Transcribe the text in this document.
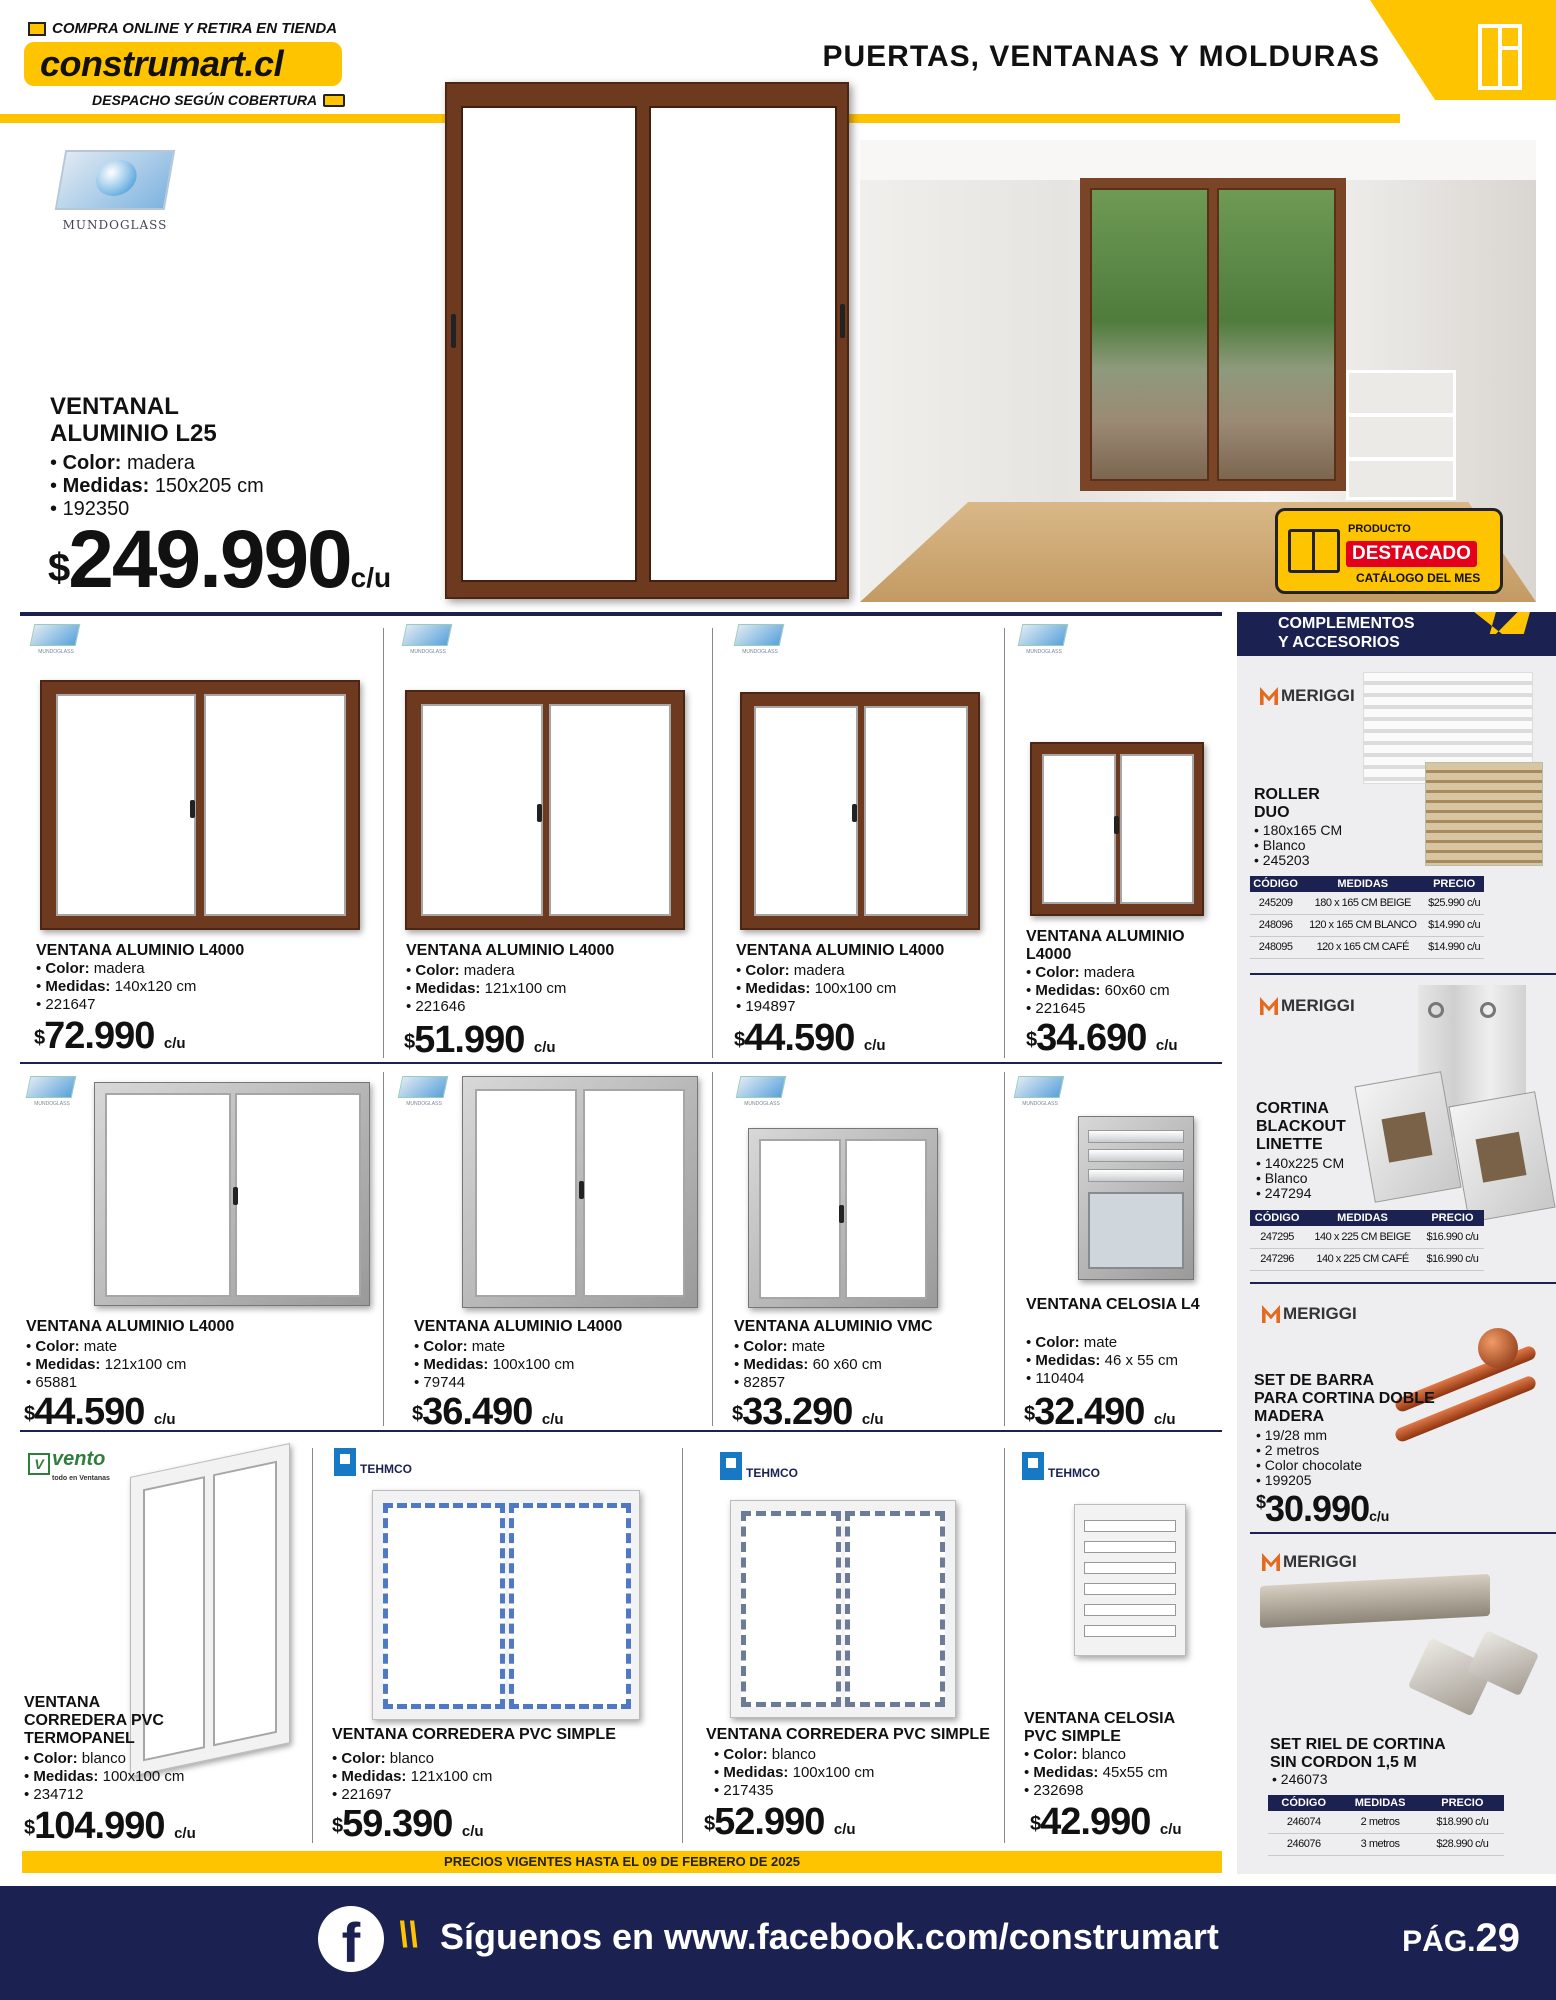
COMPRA ONLINE Y RETIRA EN TIENDA
construmart.cl
DESPACHO SEGÚN COBERTURA
PUERTAS, VENTANAS Y MOLDURAS
MUNDOGLASS
VENTANAL
ALUMINIO L25
• Color: madera
• Medidas: 150x205 cm
• 192350
$249.990c/u
PRODUCTO
DESTACADO
CATÁLOGO DEL MES
MUNDOGLASS
VENTANA ALUMINIO L4000
• Color: madera
• Medidas: 140x120 cm
• 221647
$72.990 c/u
MUNDOGLASS
VENTANA ALUMINIO L4000
• Color: madera
• Medidas: 121x100 cm
• 221646
$51.990 c/u
MUNDOGLASS
VENTANA ALUMINIO L4000
• Color: madera
• Medidas: 100x100 cm
• 194897
$44.590 c/u
MUNDOGLASS
VENTANA ALUMINIO L4000
• Color: madera
• Medidas: 60x60 cm
• 221645
$34.690 c/u
MUNDOGLASS
VENTANA ALUMINIO L4000
• Color: mate
• Medidas: 121x100 cm
• 65881
$44.590 c/u
MUNDOGLASS
VENTANA ALUMINIO L4000
• Color: mate
• Medidas: 100x100 cm
• 79744
$36.490 c/u
MUNDOGLASS
VENTANA ALUMINIO VMC
• Color: mate
• Medidas: 60 x60 cm
• 82857
$33.290 c/u
MUNDOGLASS
VENTANA CELOSIA L4
• Color: mate
• Medidas: 46 x 55 cm
• 110404
$32.490 c/u
V vento
todo en Ventanas
VENTANA CORREDERA PVC TERMOPANEL
• Color: blanco
• Medidas: 100x100 cm
• 234712
$104.990 c/u
TEHMCO
VENTANA CORREDERA PVC SIMPLE
• Color: blanco
• Medidas: 121x100 cm
• 221697
$59.390 c/u
TEHMCO
VENTANA CORREDERA PVC SIMPLE
• Color: blanco
• Medidas: 100x100 cm
• 217435
$52.990 c/u
TEHMCO
VENTANA CELOSIA PVC SIMPLE
• Color: blanco
• Medidas: 45x55 cm
• 232698
$42.990 c/u
PRECIOS VIGENTES HASTA EL 09 DE FEBRERO DE 2025
COMPLEMENTOS
Y ACCESORIOS
MERIGGI
ROLLER
DUO
• 180x165 CM
• Blanco
• 245203
CÓDIGO	MEDIDAS	PRECIO
245209	180 x 165 CM BEIGE	$25.990 c/u
248096	120 x 165 CM BLANCO	$14.990 c/u
248095	120 x 165 CM CAFÉ	$14.990 c/u
MERIGGI
CORTINA
BLACKOUT
LINETTE
• 140x225 CM
• Blanco
• 247294
CÓDIGO	MEDIDAS	PRECIO
247295	140 x 225 CM BEIGE	$16.990 c/u
247296	140 x 225 CM CAFÉ	$16.990 c/u
MERIGGI
SET DE BARRA
PARA CORTINA DOBLE
MADERA
• 19/28 mm
• 2 metros
• Color chocolate
• 199205
$30.990c/u
MERIGGI
SET RIEL DE CORTINA
SIN CORDON 1,5 M
• 246073
CÓDIGO	MEDIDAS	PRECIO
246074	2 metros	$18.990 c/u
246076	3 metros	$28.990 c/u
f	\\ Síguenos en www.facebook.com/construmart	PÁG.29
